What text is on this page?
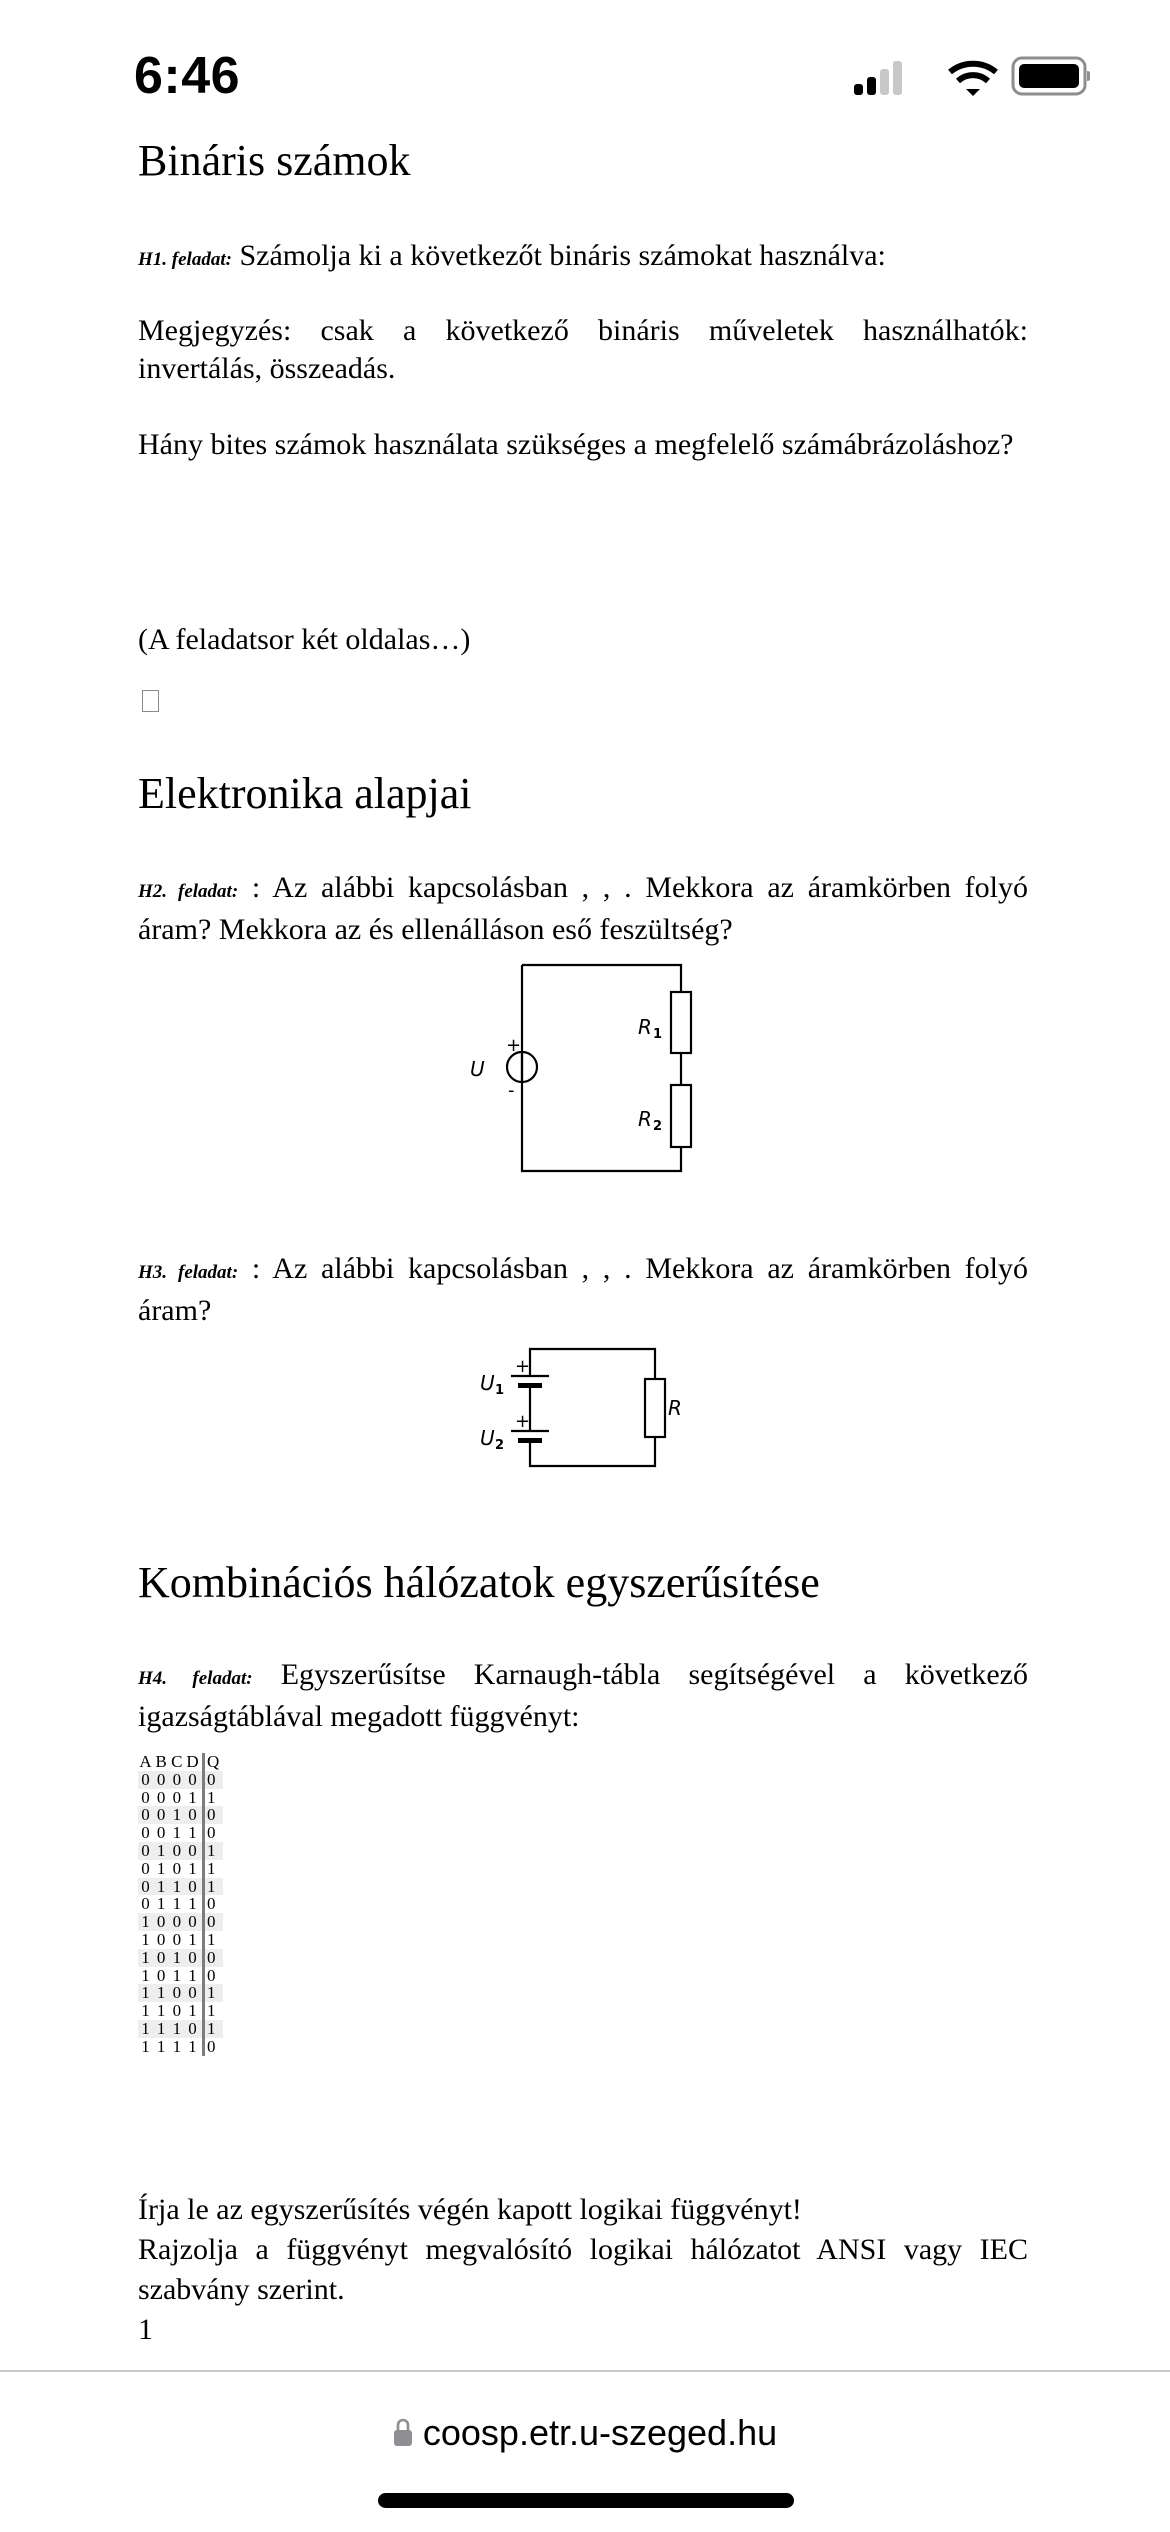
6:46
Bináris számok
H1. feladat: Számolja ki a következőt bináris számokat használva:
Megjegyzés: csak a következő bináris műveletek használhatók: invertálás, összeadás.
Hány bites számok használata szükséges a megfelelő számábrázoláshoz?
(A feladatsor két oldalas…)
Elektronika alapjai
H2. feladat: : Az alábbi kapcsolásban , , . Mekkora az áramkörben folyó áram? Mekkora az és ellenálláson eső feszültség?
U
+
-
R 1
R 2
H3. feladat: : Az alábbi kapcsolásban , , . Mekkora az áramkörben folyó áram?
+
+
U 1
U 2
R
Kombinációs hálózatok egyszerűsítése
H4. feladat: Egyszerűsítse Karnaugh-tábla segítségével a következő igazságtáblával megadott függvényt:
A B C D Q
0 0 0 0 0
0 0 0 1 1
0 0 1 0 0
0 0 1 1 0
0 1 0 0 1
0 1 0 1 1
0 1 1 0 1
0 1 1 1 0
1 0 0 0 0
1 0 0 1 1
1 0 1 0 0
1 0 1 1 0
1 1 0 0 1
1 1 0 1 1
1 1 1 0 1
1 1 1 1 0
Írja le az egyszerűsítés végén kapott logikai függvényt!
Rajzolja a függvényt megvalósító logikai hálózatot ANSI vagy IEC szabvány szerint.
1
coosp.etr.u-szeged.hu
